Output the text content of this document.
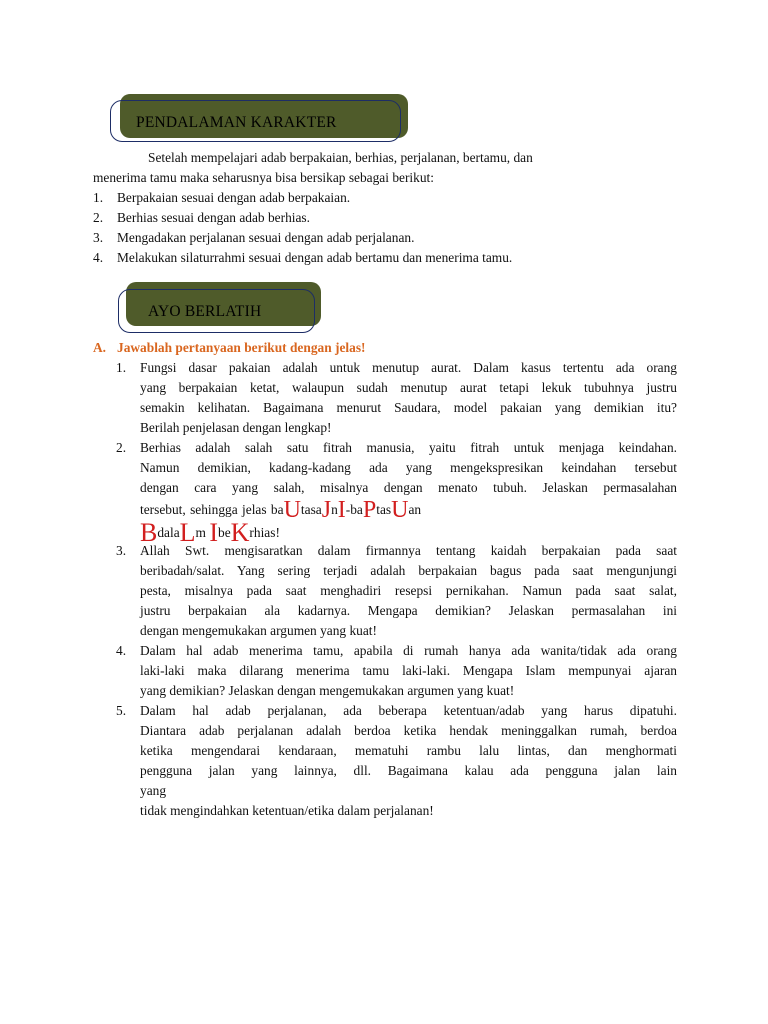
PENDALAMAN KARAKTER
Setelah mempelajari adab berpakaian, berhias, perjalanan, bertamu, dan
menerima tamu maka seharusnya bisa bersikap sebagai berikut:
1. Berpakaian sesuai dengan adab berpakaian.
2. Berhias sesuai dengan adab berhias.
3. Mengadakan perjalanan sesuai dengan adab perjalanan.
4. Melakukan silaturrahmi sesuai dengan adab bertamu dan menerima tamu.
AYO BERLATIH
A. Jawablah pertanyaan berikut dengan jelas!
1. Fungsi dasar pakaian adalah untuk menutup aurat. Dalam kasus tertentu ada orang
yang berpakaian ketat, walaupun sudah menutup aurat tetapi lekuk tubuhnya justru
semakin kelihatan. Bagaimana menurut Saudara, model pakaian yang demikian itu?
Berilah penjelasan dengan lengkap!
2. Berhias adalah salah satu fitrah manusia, yaitu fitrah untuk menjaga keindahan.
Namun demikian, kadang-kadang ada yang mengekspresikan keindahan tersebut
dengan cara yang salah, misalnya dengan menato tubuh. Jelaskan permasalahan
tersebut, sehingga jelas baUtasaJnI-baPtasUan
BdalaLm IbeKrhias!
3. Allah Swt. mengisaratkan dalam firmannya tentang kaidah berpakaian pada saat
beribadah/salat. Yang sering terjadi adalah berpakaian bagus pada saat mengunjungi
pesta, misalnya pada saat menghadiri resepsi pernikahan. Namun pada saat salat,
justru berpakaian ala kadarnya. Mengapa demikian? Jelaskan permasalahan ini
dengan mengemukakan argumen yang kuat!
4. Dalam hal adab menerima tamu, apabila di rumah hanya ada wanita/tidak ada orang
laki-laki maka dilarang menerima tamu laki-laki. Mengapa Islam mempunyai ajaran
yang demikian? Jelaskan dengan mengemukakan argumen yang kuat!
5. Dalam hal adab perjalanan, ada beberapa ketentuan/adab yang harus dipatuhi.
Diantara adab perjalanan adalah berdoa ketika hendak meninggalkan rumah, berdoa
ketika mengendarai kendaraan, mematuhi rambu lalu lintas, dan menghormati
pengguna jalan yang lainnya, dll. Bagaimana kalau ada pengguna jalan lain
yang
tidak mengindahkan ketentuan/etika dalam perjalanan!
